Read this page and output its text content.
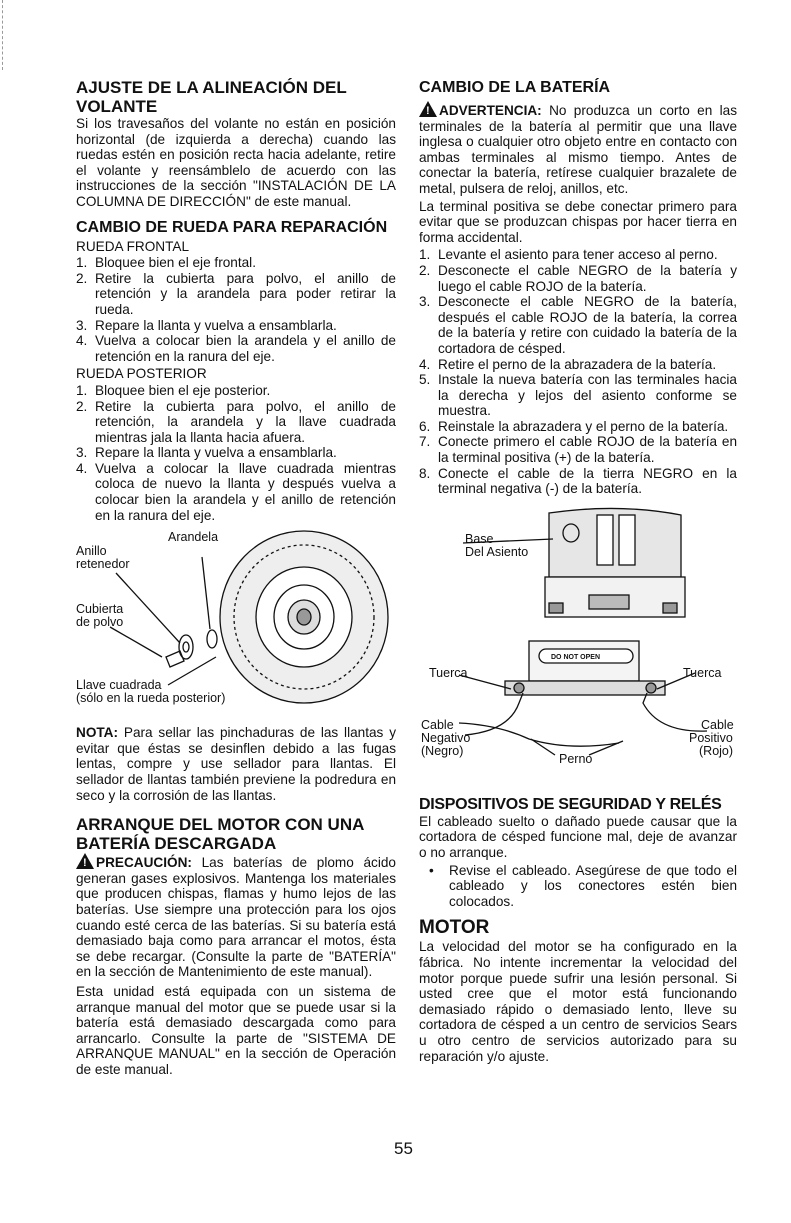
AJUSTE DE LA ALINEACIÓN DEL VOLANTE

Si los travesaños del volante no están en posición horizontal (de izquierda a derecha) cuando las ruedas estén en posición recta hacia adelante, retire el volante y reensámblelo de acuerdo con las instrucciones de la sección "INSTALACIÓN DE LA COLUMNA DE DIRECCIÓN" de este manual.

CAMBIO DE RUEDA PARA REPARACIÓN

RUEDA FRONTAL

1. Bloquee bien el eje frontal.
2. Retire la cubierta para polvo, el anillo de retención y la arandela para poder retirar la rueda.
3. Repare la llanta y vuelva a ensamblarla.
4. Vuelva a colocar bien la arandela y el anillo de retención en la ranura del eje.

RUEDA POSTERIOR

1. Bloquee bien el eje posterior.
2. Retire la cubierta para polvo, el anillo de retención, la arandela y la llave cuadrada mientras jala la llanta hacia afuera.
3. Repare la llanta y vuelva a ensamblarla.
4. Vuelva a colocar la llave cuadrada mientras coloca de nuevo la llanta y después vuelva a colocar bien la arandela y el anillo de retención en la ranura del eje.
Anillo
retenedor
Arandela
Cubierta
de polvo
Llave cuadrada
(sólo en la rueda posterior)

NOTA: Para sellar las pinchaduras de las llantas y evitar que éstas se desinflen debido a las fugas lentas, compre y use sellador para llantas. El sellador de llantas también previene la podredura en seco y la corrosión de las llantas.

ARRANQUE DEL MOTOR CON UNA BATERÍA DESCARGADA

! PRECAUCIÓN: Las baterías de plomo ácido generan gases explosivos. Mantenga los materiales que producen chispas, flamas y humo lejos de las baterías. Use siempre una protección para los ojos cuando esté cerca de las baterías. Si su batería está demasiado baja como para arrancar el motos, ésta se debe recargar. (Consulte la parte de "BATERÍA" en la sección de Mantenimiento de este manual).

Esta unidad está equipada con un sistema de arranque manual del motor que se puede usar si la batería está demasiado descargada como para arrancarlo. Consulte la parte de "SISTEMA DE ARRANQUE MANUAL" en la sección de Operación de este manual.

CAMBIO DE LA BATERÍA

! ADVERTENCIA: No produzca un corto en las terminales de la batería al permitir que una llave inglesa o cualquier otro objeto entre en contacto con ambas terminales al mismo tiempo. Antes de conectar la batería, retírese cualquier brazalete de metal, pulsera de reloj, anillos, etc.

La terminal positiva se debe conectar primero para evitar que se produzcan chispas por hacer tierra en forma accidental.

1. Levante el asiento para tener acceso al perno.
2. Desconecte el cable NEGRO de la batería y luego el cable ROJO de la batería.
3. Desconecte el cable NEGRO de la batería, después el cable ROJO de la batería, la correa de la batería y retire con cuidado la batería de la cortadora de césped.
4. Retire el perno de la abrazadera de la batería.
5. Instale la nueva batería con las terminales hacia la derecha y lejos del asiento conforme se muestra.
6. Reinstale la abrazadera y el perno de la batería.
7. Conecte primero el cable ROJO de la batería en la terminal positiva (+) de la batería.
8. Conecte el cable de la tierra NEGRO en la terminal negativa (-) de la batería.
Base
Del Asiento
Tuerca	Tuerca
DO NOT OPEN
Cable
Negativo
(Negro)
Cable
Positivo
(Rojo)
Perno
DISPOSITIVOS DE SEGURIDAD Y RELÉS

El cableado suelto o dañado puede causar que la cortadora de césped funcione mal, deje de avanzar o no arranque.

• Revise el cableado. Asegúrese de que todo el cableado y los conectores estén bien colocados.
MOTOR

La velocidad del motor se ha configurado en la fábrica. No intente incrementar la velocidad del motor porque puede sufrir una lesión personal. Si usted cree que el motor está funcionando demasiado rápido o demasiado lento, lleve su cortadora de césped a un centro de servicios Sears u otro centro de servicios autorizado para su reparación y/o ajuste.

55
